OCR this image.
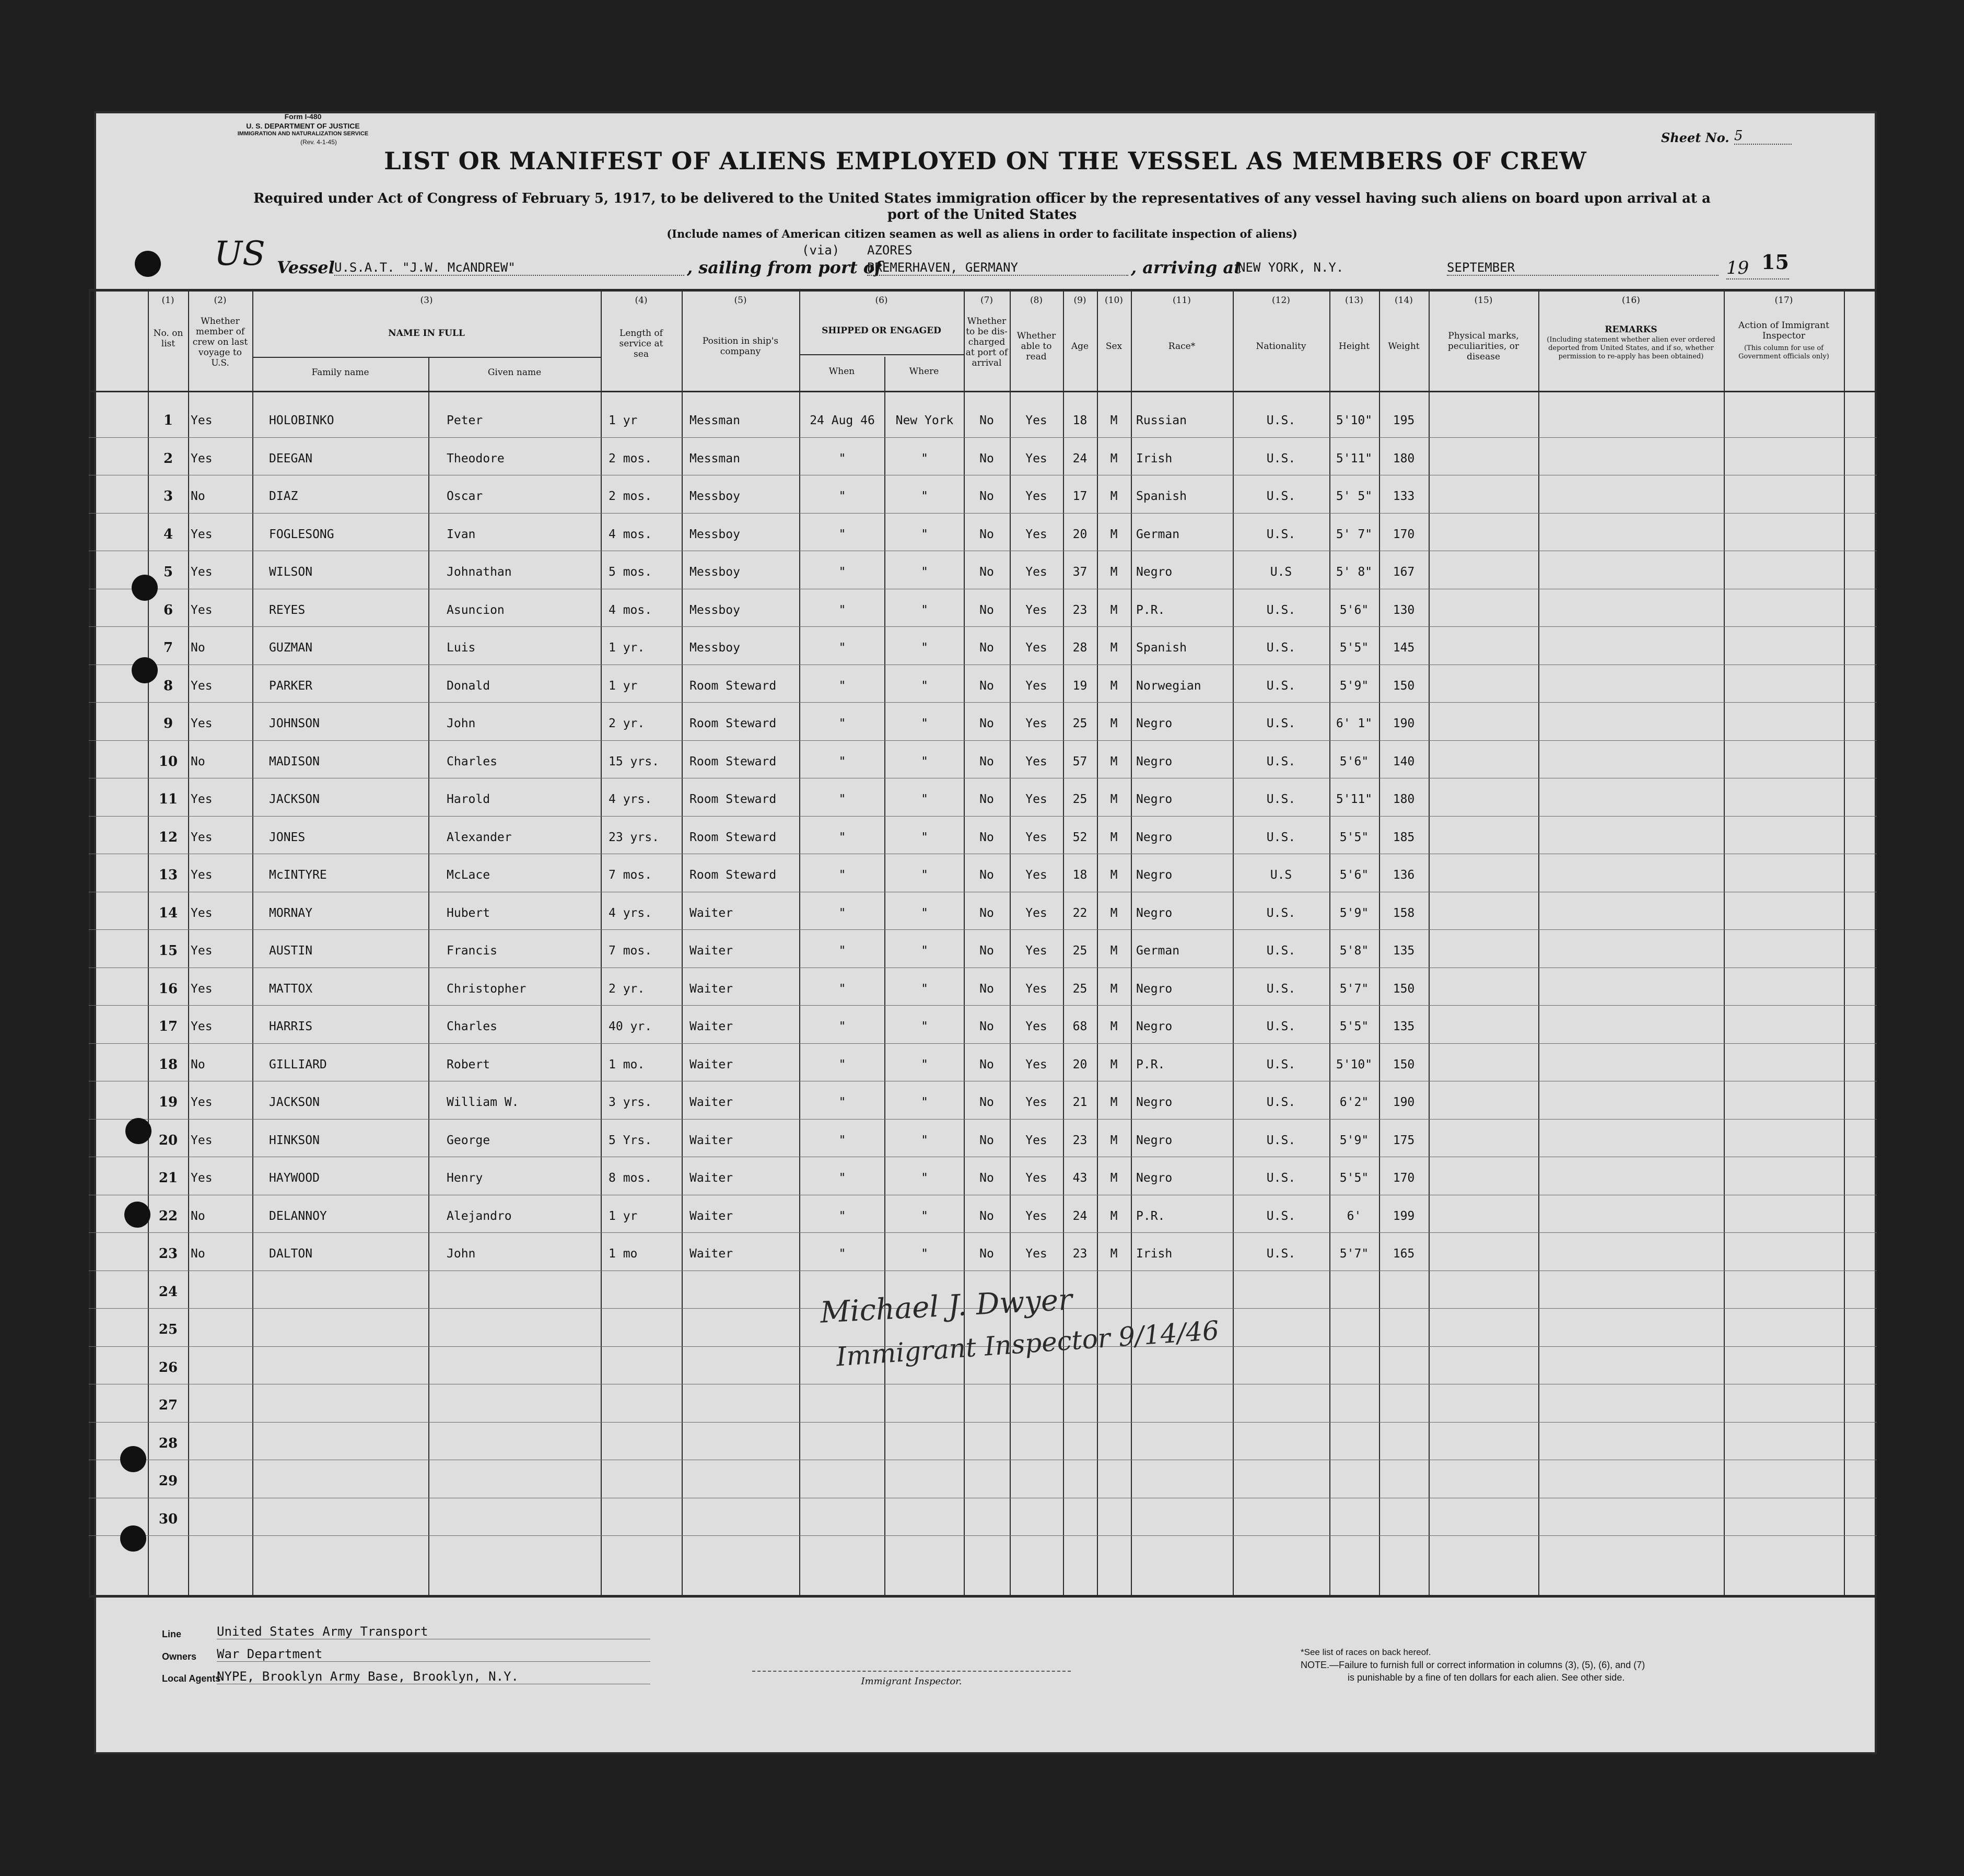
Form I-480
U. S. DEPARTMENT OF JUSTICE
IMMIGRATION AND NATURALIZATION SERVICE
(Rev. 4-1-45)	Sheet No. 5
LIST OR MANIFEST OF ALIENS EMPLOYED ON THE VESSEL AS MEMBERS OF CREW
Required under Act of Congress of February 5, 1917, to be delivered to the United States immigration officer by the representatives of any vessel having such aliens on board upon arrival at a
port of the United States
(Include names of American citizen seamen as well as aliens in order to facilitate inspection of aliens)
US Vessel U.S.A.T. "J.W. McANDREW"	, sailing from port of
(via) AZORES
BREMERHAVEN, GERMANY	, arriving at
NEW YORK, N.Y.	SEPTEMBER	19 15
(1)	(2)	(3)	(4)	(5)	(6)	(7)	(8)	(9)	(10)	(11)	(12)	(13)	(14)	(15)	(16)	(17)
No. on list
Whether member of crew on last voyage to U.S.
NAME IN FULL
Family name	Given name
Length of service at sea
Position in ship's company
SHIPPED OR ENGAGED
When	Where
Whether to be dis-charged at port of arrival
Whether able to read
Age	Sex	Race*	Nationality	Height	Weight
Physical marks, peculiarities, or disease
REMARKS
(Including statement whether alien ever ordered deported from United States, and if so, whether permission to re-apply has been obtained)
Action of Immigrant Inspector
(This column for use of Government officials only)
1	Yes	HOLOBINKO	Peter	1 yr	Messman	24 Aug 46	New York	No	Yes	18	M	Russian	U.S.	5'10"	195
2	Yes	DEEGAN	Theodore	2 mos.	Messman	"	"	No	Yes	24	M	Irish	U.S.	5'11"	180
3	No	DIAZ	Oscar	2 mos.	Messboy	"	"	No	Yes	17	M	Spanish	U.S.	5' 5"	133
4	Yes	FOGLESONG	Ivan	4 mos.	Messboy	"	"	No	Yes	20	M	German	U.S.	5' 7"	170
5	Yes	WILSON	Johnathan	5 mos.	Messboy	"	"	No	Yes	37	M	Negro	U.S	5' 8"	167
6	Yes	REYES	Asuncion	4 mos.	Messboy	"	"	No	Yes	23	M	P.R.	U.S.	5'6"	130
7	No	GUZMAN	Luis	1 yr.	Messboy	"	"	No	Yes	28	M	Spanish	U.S.	5'5"	145
8	Yes	PARKER	Donald	1 yr	Room Steward	"	"	No	Yes	19	M	Norwegian	U.S.	5'9"	150
9	Yes	JOHNSON	John	2 yr.	Room Steward	"	"	No	Yes	25	M	Negro	U.S.	6' 1"	190
10	No	MADISON	Charles	15 yrs.	Room Steward	"	"	No	Yes	57	M	Negro	U.S.	5'6"	140
11	Yes	JACKSON	Harold	4 yrs.	Room Steward	"	"	No	Yes	25	M	Negro	U.S.	5'11"	180
12	Yes	JONES	Alexander	23 yrs.	Room Steward	"	"	No	Yes	52	M	Negro	U.S.	5'5"	185
13	Yes	McINTYRE	McLace	7 mos.	Room Steward	"	"	No	Yes	18	M	Negro	U.S	5'6"	136
14	Yes	MORNAY	Hubert	4 yrs.	Waiter	"	"	No	Yes	22	M	Negro	U.S.	5'9"	158
15	Yes	AUSTIN	Francis	7 mos.	Waiter	"	"	No	Yes	25	M	German	U.S.	5'8"	135
16	Yes	MATTOX	Christopher	2 yr.	Waiter	"	"	No	Yes	25	M	Negro	U.S.	5'7"	150
17	Yes	HARRIS	Charles	40 yr.	Waiter	"	"	No	Yes	68	M	Negro	U.S.	5'5"	135
18	No	GILLIARD	Robert	1 mo.	Waiter	"	"	No	Yes	20	M	P.R.	U.S.	5'10"	150
19	Yes	JACKSON	William W.	3 yrs.	Waiter	"	"	No	Yes	21	M	Negro	U.S.	6'2"	190
20	Yes	HINKSON	George	5 Yrs.	Waiter	"	"	No	Yes	23	M	Negro	U.S.	5'9"	175
21	Yes	HAYWOOD	Henry	8 mos.	Waiter	"	"	No	Yes	43	M	Negro	U.S.	5'5"	170
22	No	DELANNOY	Alejandro	1 yr	Waiter	"	"	No	Yes	24	M	P.R.	U.S.	6'	199
23	No	DALTON	John	1 mo	Waiter	"	"	No	Yes	23	M	Irish	U.S.	5'7"	165
24
25
26
27
28
29
30
Michael J. Dwyer
Immigrant Inspector 9/14/46
Line	United States Army Transport
Owners War Department
Local Agents
NYPE, Brooklyn Army Base, Brooklyn, N.Y.	Immigrant Inspector.
*See list of races on back hereof.
NOTE.—Failure to furnish full or correct information in columns (3), (5), (6), and (7)
is punishable by a fine of ten dollars for each alien. See other side.
